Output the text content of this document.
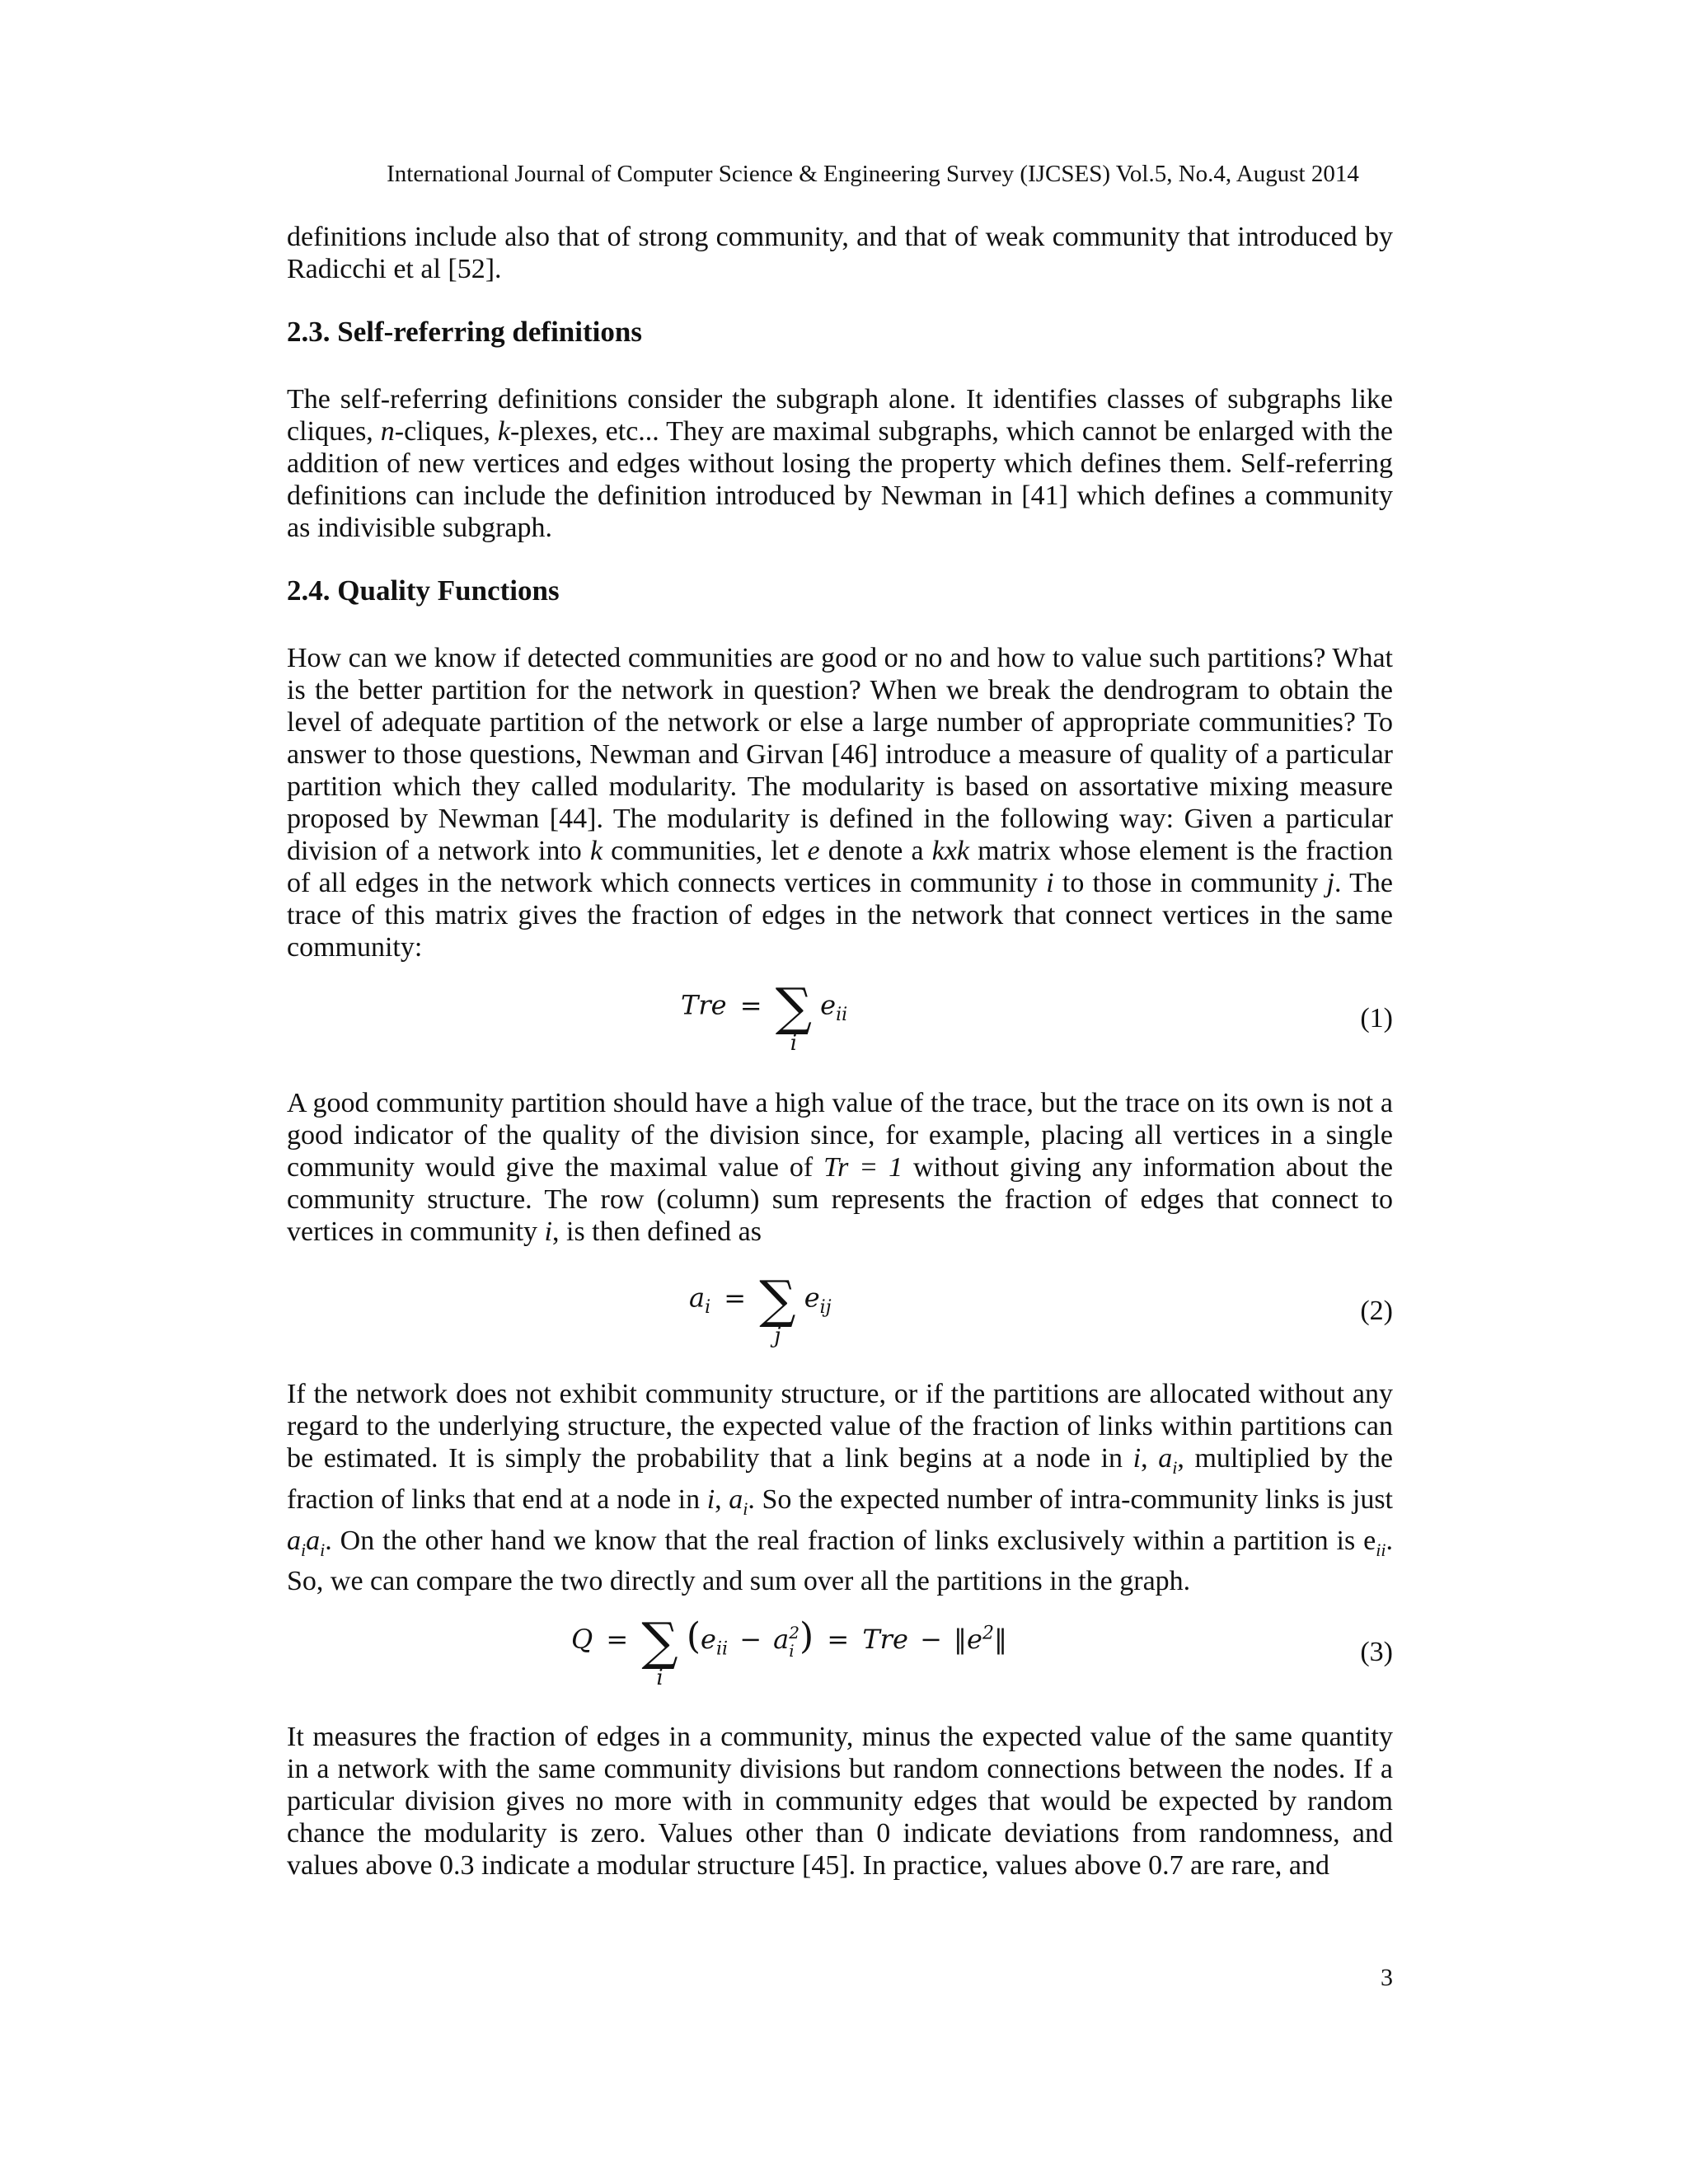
International Journal of Computer Science & Engineering Survey (IJCSES) Vol.5, No.4, August 2014

definitions include also that of strong community, and that of weak community that introduced by Radicchi et al [52].

2.3. Self-referring definitions

The self-referring definitions consider the subgraph alone. It identifies classes of subgraphs like cliques, n-cliques, k-plexes, etc... They are maximal subgraphs, which cannot be enlarged with the addition of new vertices and edges without losing the property which defines them. Self-referring definitions can include the definition introduced by Newman in [41] which defines a community as indivisible subgraph.

2.4. Quality Functions

How can we know if detected communities are good or no and how to value such partitions? What is the better partition for the network in question? When we break the dendrogram to obtain the level of adequate partition of the network or else a large number of appropriate communities? To answer to those questions, Newman and Girvan [46] introduce a measure of quality of a particular partition which they called modularity. The modularity is based on assortative mixing measure proposed by Newman [44]. The modularity is defined in the following way: Given a particular division of a network into k communities, let e denote a kxk matrix whose element is the fraction of all edges in the network which connects vertices in community i to those in community j. The trace of this matrix gives the fraction of edges in the network that connect vertices in the same community:

Tre = ∑
i
$e_{ii}$	(1)

A good community partition should have a high value of the trace, but the trace on its own is not a good indicator of the quality of the division since, for example, placing all vertices in a single community would give the maximal value of Tr = 1 without giving any information about the community structure. The row (column) sum represents the fraction of edges that connect to vertices in community i, is then defined as

$a_i$ = ∑
j
$e_{ij}$	(2)

If the network does not exhibit community structure, or if the partitions are allocated without any regard to the underlying structure, the expected value of the fraction of links within partitions can be estimated. It is simply the probability that a link begins at a node in i, $a_i$, multiplied by the fraction of links that end at a node in i, $a_i$. So the expected number of intra-community links is just $a_ia_i$. On the other hand we know that the real fraction of links exclusively within a partition is $e_{ii}$. So, we can compare the two directly and sum over all the partitions in the graph.

Q = ∑
i
($e_{ii} - a$ 2
i ) = Tre − $‖e^2‖$	(3)

It measures the fraction of edges in a community, minus the expected value of the same quantity in a network with the same community divisions but random connections between the nodes. If a particular division gives no more with in community edges that would be expected by random chance the modularity is zero. Values other than 0 indicate deviations from randomness, and values above 0.3 indicate a modular structure [45]. In practice, values above 0.7 are rare, and

3
